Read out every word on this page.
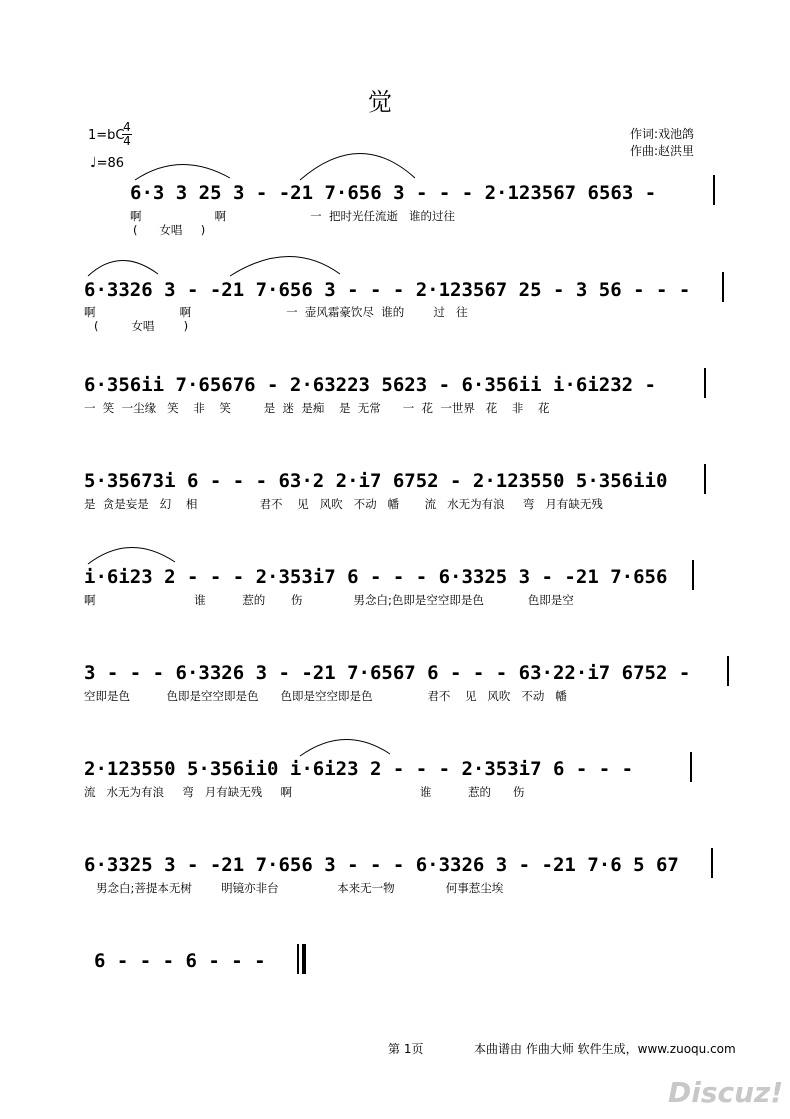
觉
1=bC
4
4
♩=86
作词:戏池鸽
作曲:赵洪里
6·3 3 25 3 - -21 7·656 3 - - - 2·123567 6563 -
啊                    啊                       一  把时光任流逝   谁的过往
(      女唱     )
6·3326 3 - -21 7·656 3 - - - 2·123567 25 - 3 56 - - -
啊                       啊                          一  壶风霜豪饮尽  谁的        过   往
(         女唱        )
6·356ii 7·65676 - 2·63223 5623 - 6·356ii i·6i232 -
一  笑  一尘缘   笑    非    笑         是  迷  是痴    是  无常      一  花  一世界   花    非    花
5·35673i 6 - - - 63·2 2·i7 6752 - 2·123550 5·356ii0
是  贪是妄是   幻    相                 君不    见   风吹   不动   幡       流   水无为有浪     弯   月有缺无残
i·6i23 2 - - - 2·353i7 6 - - - 6·3325 3 - -21 7·656
啊                           谁          惹的       伤              男念白;色即是空空即是色            色即是空
3 - - - 6·3326 3 - -21 7·6567 6 - - - 63·22·i7 6752 -
空即是色          色即是空空即是色      色即是空空即是色               君不    见   风吹   不动   幡
2·123550 5·356ii0 i·6i23 2 - - - 2·353i7 6 - - -
流   水无为有浪     弯   月有缺无残     啊                                   谁          惹的      伤
6·3325 3 - -21 7·656 3 - - - 6·3326 3 - -21 7·6 5 67
男念白;菩提本无树        明镜亦非台                本来无一物              何事惹尘埃
6 - - - 6 - - -
第 1页	本曲谱由 作曲大师 软件生成，www.zuoqu.com
Discuz!
